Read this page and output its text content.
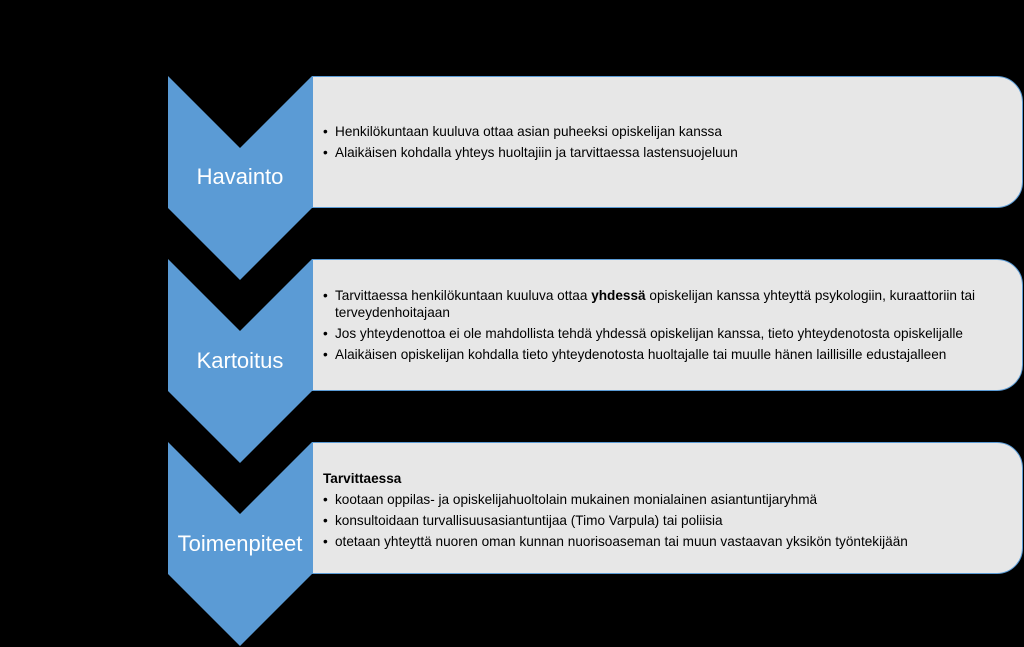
Havainto
• Henkilökuntaan kuuluva ottaa asian puheeksi opiskelijan kanssa
• Alaikäisen kohdalla yhteys huoltajiin ja tarvittaessa lastensuojeluun
Kartoitus
• Tarvittaessa henkilökuntaan kuuluva ottaa yhdessä opiskelijan kanssa yhteyttä psykologiin, kuraattoriin tai terveydenhoitajaan
• Jos yhteydenottoa ei ole mahdollista tehdä yhdessä opiskelijan kanssa, tieto yhteydenotosta opiskelijalle
• Alaikäisen opiskelijan kohdalla tieto yhteydenotosta huoltajalle tai muulle hänen laillisille edustajalleen
Toimenpiteet
Tarvittaessa
• kootaan oppilas- ja opiskelijahuoltolain mukainen monialainen asiantuntijaryhmä
• konsultoidaan turvallisuusasiantuntijaa (Timo Varpula) tai poliisia
• otetaan yhteyttä nuoren oman kunnan nuorisoaseman tai muun vastaavan yksikön työntekijään
